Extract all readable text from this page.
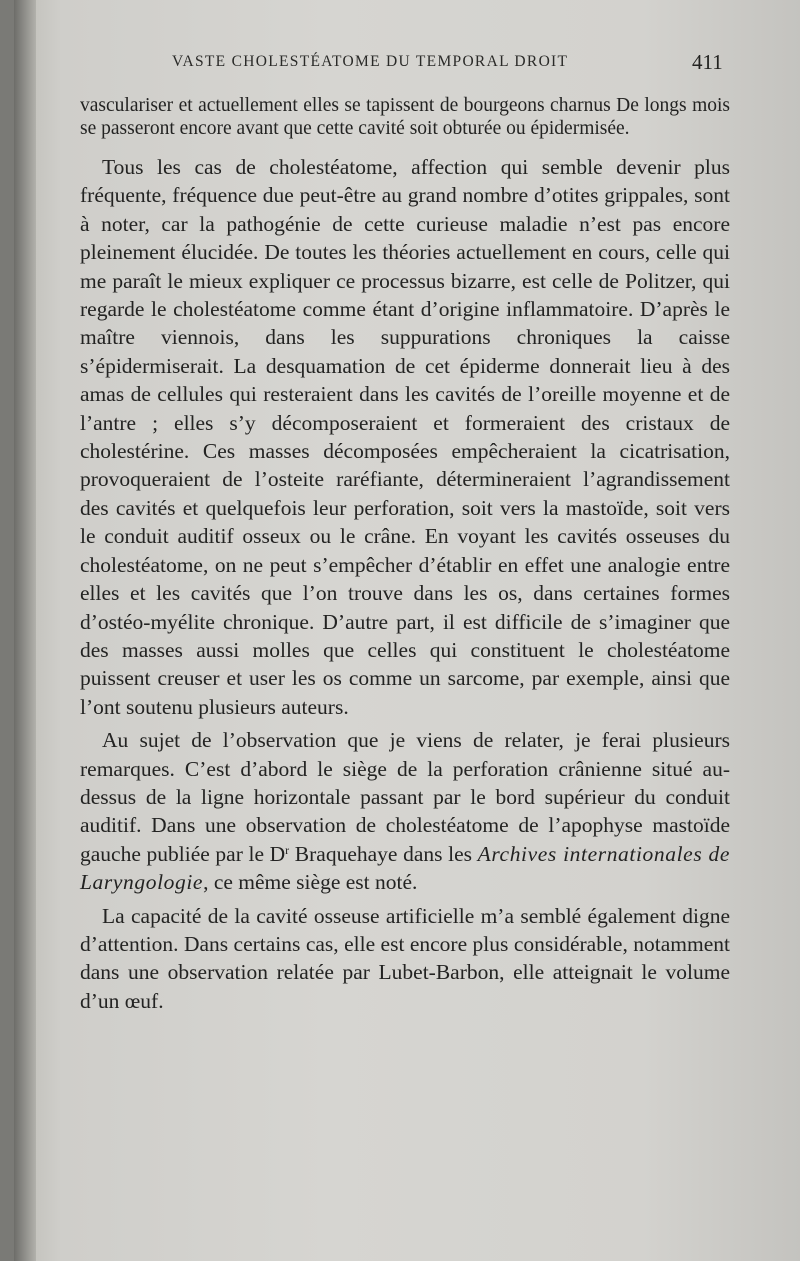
VASTE CHOLESTÉATOME DU TEMPORAL DROIT	411

vasculariser et actuellement elles se tapissent de bourgeons charnus De longs mois se passeront encore avant que cette cavité soit obturée ou épidermisée.

Tous les cas de cholestéatome, affection qui semble devenir plus fréquente, fréquence due peut-être au grand nombre d’otites grippales, sont à noter, car la pathogénie de cette curieuse maladie n’est pas encore pleinement élucidée. De toutes les théories actuellement en cours, celle qui me paraît le mieux expliquer ce processus bizarre, est celle de Politzer, qui regarde le cholestéatome comme étant d’origine inflammatoire. D’après le maître viennois, dans les suppurations chroniques la caisse s’épidermiserait. La desquamation de cet épiderme donnerait lieu à des amas de cellules qui resteraient dans les cavités de l’oreille moyenne et de l’antre ; elles s’y décomposeraient et formeraient des cristaux de cholestérine. Ces masses décomposées empêcheraient la cicatrisation, provoqueraient de l’osteite raréfiante, détermineraient l’agrandissement des cavités et quelquefois leur perforation, soit vers la mastoïde, soit vers le conduit auditif osseux ou le crâne. En voyant les cavités osseuses du cholestéatome, on ne peut s’empêcher d’établir en effet une analogie entre elles et les cavités que l’on trouve dans les os, dans certaines formes d’ostéo-myélite chronique. D’autre part, il est difficile de s’imaginer que des masses aussi molles que celles qui constituent le cholestéatome puissent creuser et user les os comme un sarcome, par exemple, ainsi que l’ont soutenu plusieurs auteurs.

Au sujet de l’observation que je viens de relater, je ferai plusieurs remarques. C’est d’abord le siège de la perforation crânienne situé au-dessus de la ligne horizontale passant par le bord supérieur du conduit auditif. Dans une observation de cholestéatome de l’apophyse mastoïde gauche publiée par le $D^r$ Braquehaye dans les Archives internationales de Laryngologie, ce même siège est noté.

La capacité de la cavité osseuse artificielle m’a semblé également digne d’attention. Dans certains cas, elle est encore plus considérable, notamment dans une observation relatée par Lubet-Barbon, elle atteignait le volume d’un œuf.
